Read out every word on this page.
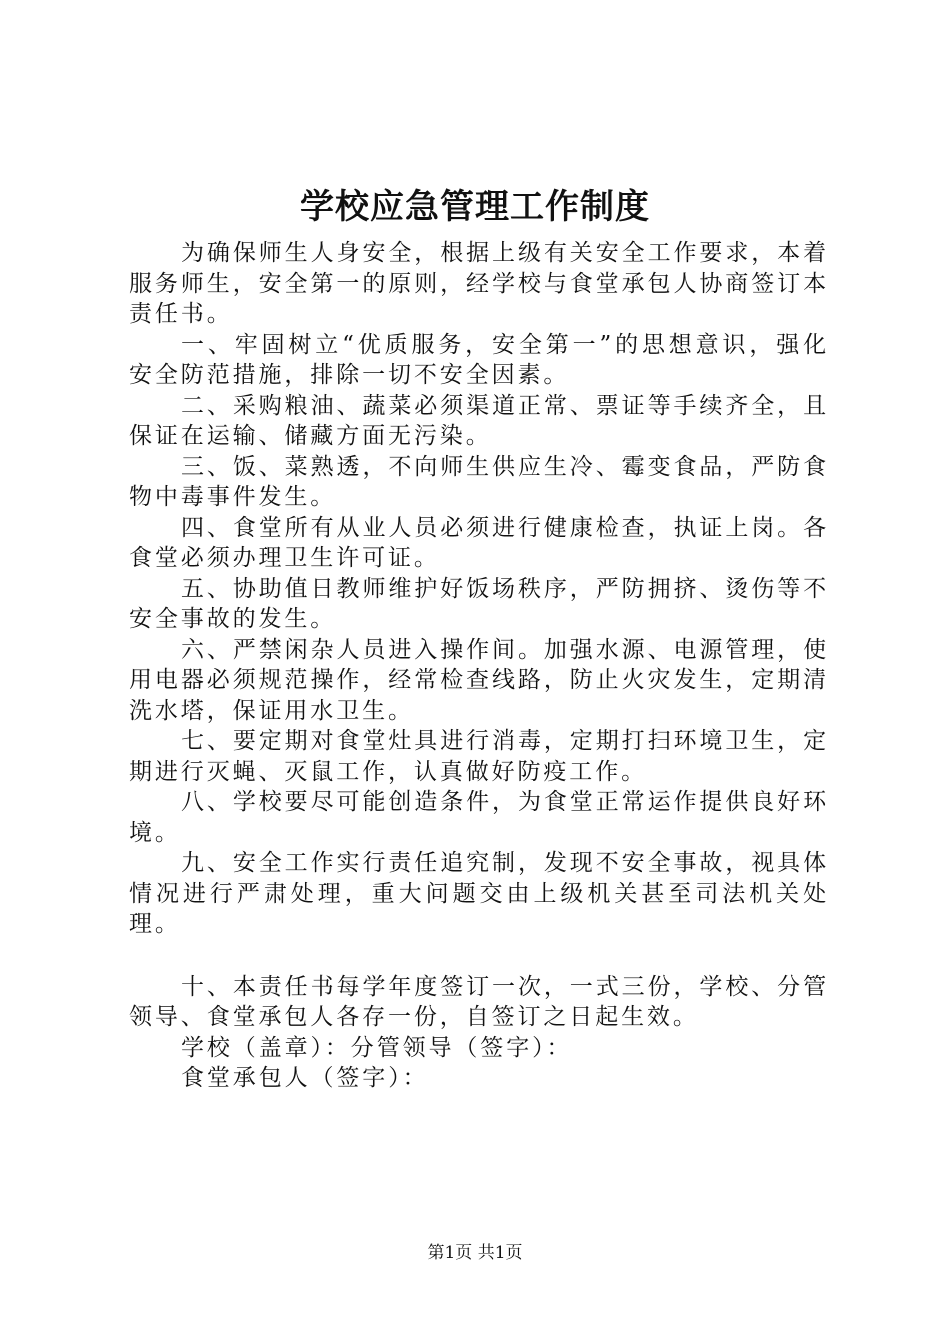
学校应急管理工作制度

为确保师生人身安全，根据上级有关安全工作要求，本着服务师生，安全第一的原则，经学校与食堂承包人协商签订本责任书。

一、牢固树立“优质服务，安全第一”的思想意识，强化安全防范措施，排除一切不安全因素。

二、采购粮油、蔬菜必须渠道正常、票证等手续齐全，且保证在运输、储藏方面无污染。

三、饭、菜熟透，不向师生供应生冷、霉变食品，严防食物中毒事件发生。

四、食堂所有从业人员必须进行健康检查，执证上岗。各食堂必须办理卫生许可证。

五、协助值日教师维护好饭场秩序，严防拥挤、烫伤等不安全事故的发生。

六、严禁闲杂人员进入操作间。加强水源、电源管理，使用电器必须规范操作，经常检查线路，防止火灾发生，定期清洗水塔，保证用水卫生。

七、要定期对食堂灶具进行消毒，定期打扫环境卫生，定期进行灭蝇、灭鼠工作，认真做好防疫工作。

八、学校要尽可能创造条件，为食堂正常运作提供良好环境。

九、安全工作实行责任追究制，发现不安全事故，视具体情况进行严肃处理，重大问题交由上级机关甚至司法机关处理。

十、本责任书每学年度签订一次，一式三份，学校、分管领导、食堂承包人各存一份，自签订之日起生效。

学校（盖章）：分管领导（签字）：

食堂承包人（签字）：

第1页 共1页
